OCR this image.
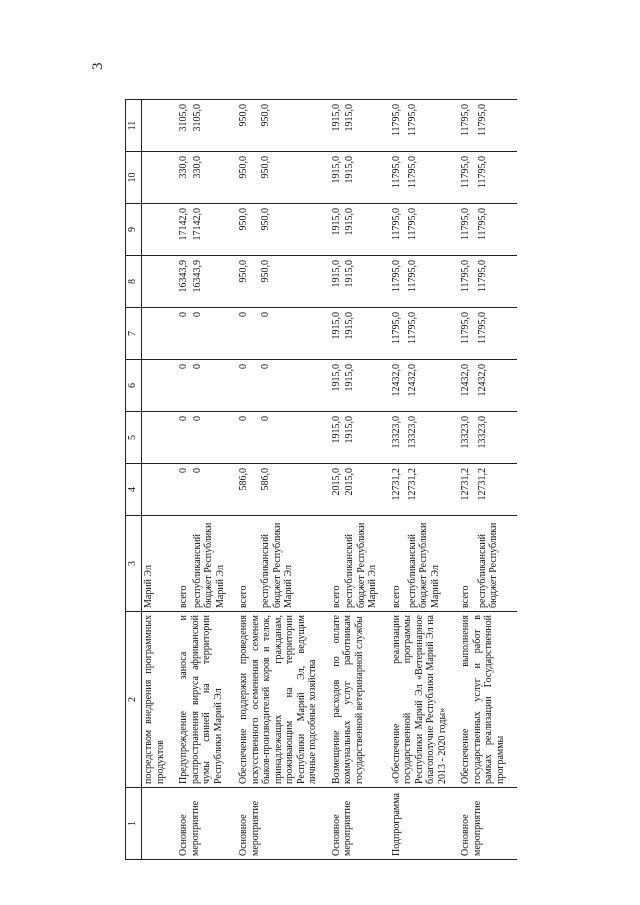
3
1	2	3	4	5	6	7	8	9	10	11
	посредством внедрения программных продуктов	Марий Эл								

Основное мероприятие	Предупреждение заноса и распространения вируса африканской чумы свиней на территории Республики Марий Эл	всего	0	0	0	0	16343,9	17142,0	330,0	3105,0
		республиканский бюджет Республики Марий Эл	0	0	0	0	16343,9	17142,0	330,0	3105,0

Основное мероприятие	Обеспечение поддержки проведения искусственного осеменения семенем быков-производителей коров и телок, принадлежащих гражданам, проживающим на территории Республики Марий Эл, ведущим личные подсобные хозяйства	всего	586,0	0	0	0	950,0	950,0	950,0	950,0
		республиканский бюджет Республики Марий Эл	586,0	0	0	0	950,0	950,0	950,0	950,0

Основное мероприятие	Возмещение расходов по оплате коммунальных услуг работникам государственной ветеринарной службы	всего	2015,0	1915,0	1915,0	1915,0	1915,0	1915,0	1915,0	1915,0
		республиканский бюджет Республики Марий Эл	2015,0	1915,0	1915,0	1915,0	1915,0	1915,0	1915,0	1915,0

Подпрограмма	«Обеспечение реализации государственной программы Республики Марий Эл «Ветеринарное благополучие Республики Марий Эл на 2013 - 2020 годы»	всего	12731,2	13323,0	12432,0	11795,0	11795,0	11795,0	11795,0	11795,0
		республиканский бюджет Республики Марий Эл	12731,2	13323,0	12432,0	11795,0	11795,0	11795,0	11795,0	11795,0

Основное мероприятие	Обеспечение выполнения государственных услуг и работ в рамках реализации Государственной программы	всего	12731,2	13323,0	12432,0	11795,0	11795,0	11795,0	11795,0	11795,0
		республиканский бюджет Республики	12731,2	13323,0	12432,0	11795,0	11795,0	11795,0	11795,0	11795,0
